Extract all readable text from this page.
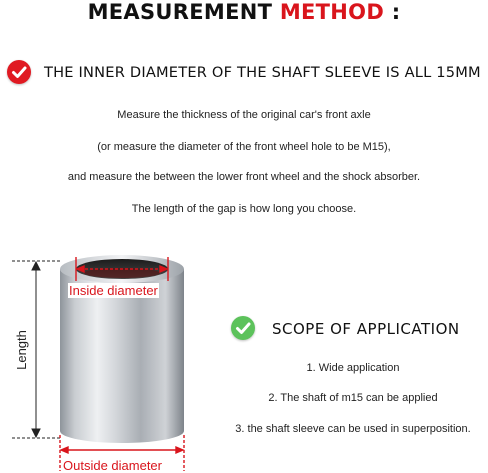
MEASUREMENT METHOD :
THE INNER DIAMETER OF THE SHAFT SLEEVE IS ALL 15MM
Measure the thickness of the original car's front axle
(or measure the diameter of the front wheel hole to be M15),
and measure the between the lower front wheel and the shock absorber.
The length of the gap is how long you choose.
Inside diameter
Outside diameter
Length
SCOPE OF APPLICATION
1. Wide application
2. The shaft of m15 can be applied
3. the shaft sleeve can be used in superposition.
